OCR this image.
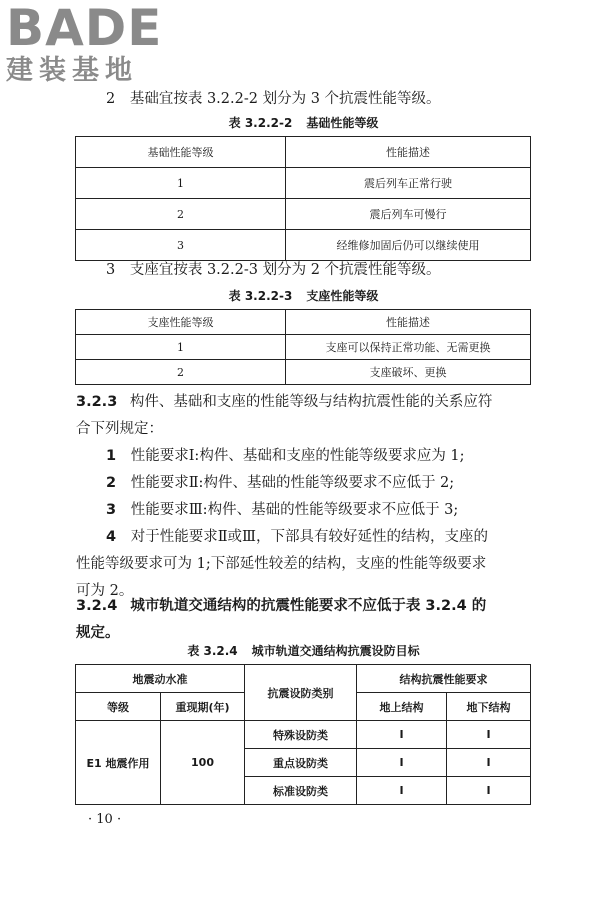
BADE
建装基地
2 基础宜按表 3.2.2-2 划分为 3 个抗震性能等级。
表 3.2.2-2 基础性能等级
基础性能等级	性能描述
1	震后列车正常行驶
2	震后列车可慢行
3	经维修加固后仍可以继续使用
3 支座宜按表 3.2.2-3 划分为 2 个抗震性能等级。
表 3.2.2-3 支座性能等级
支座性能等级	性能描述
1	支座可以保持正常功能、无需更换
2	支座破坏、更换
3.2.3 构件、基础和支座的性能等级与结构抗震性能的关系应符
合下列规定：
1 性能要求Ⅰ:构件、基础和支座的性能等级要求应为 1;
2 性能要求Ⅱ:构件、基础的性能等级要求不应低于 2;
3 性能要求Ⅲ:构件、基础的性能等级要求不应低于 3;
4 对于性能要求Ⅱ或Ⅲ，下部具有较好延性的结构，支座的
性能等级要求可为 1;下部延性较差的结构，支座的性能等级要求
可为 2。
3.2.4 城市轨道交通结构的抗震性能要求不应低于表 3.2.4 的
规定。
表 3.2.4 城市轨道交通结构抗震设防目标
地震动水准		抗震设防类别	结构抗震性能要求	
等级	重现期(年)		地上结构	地下结构
E1 地震作用	100	特殊设防类	Ⅰ	Ⅰ
		重点设防类	Ⅰ	Ⅰ
		标准设防类	Ⅰ	Ⅰ
· 10 ·
